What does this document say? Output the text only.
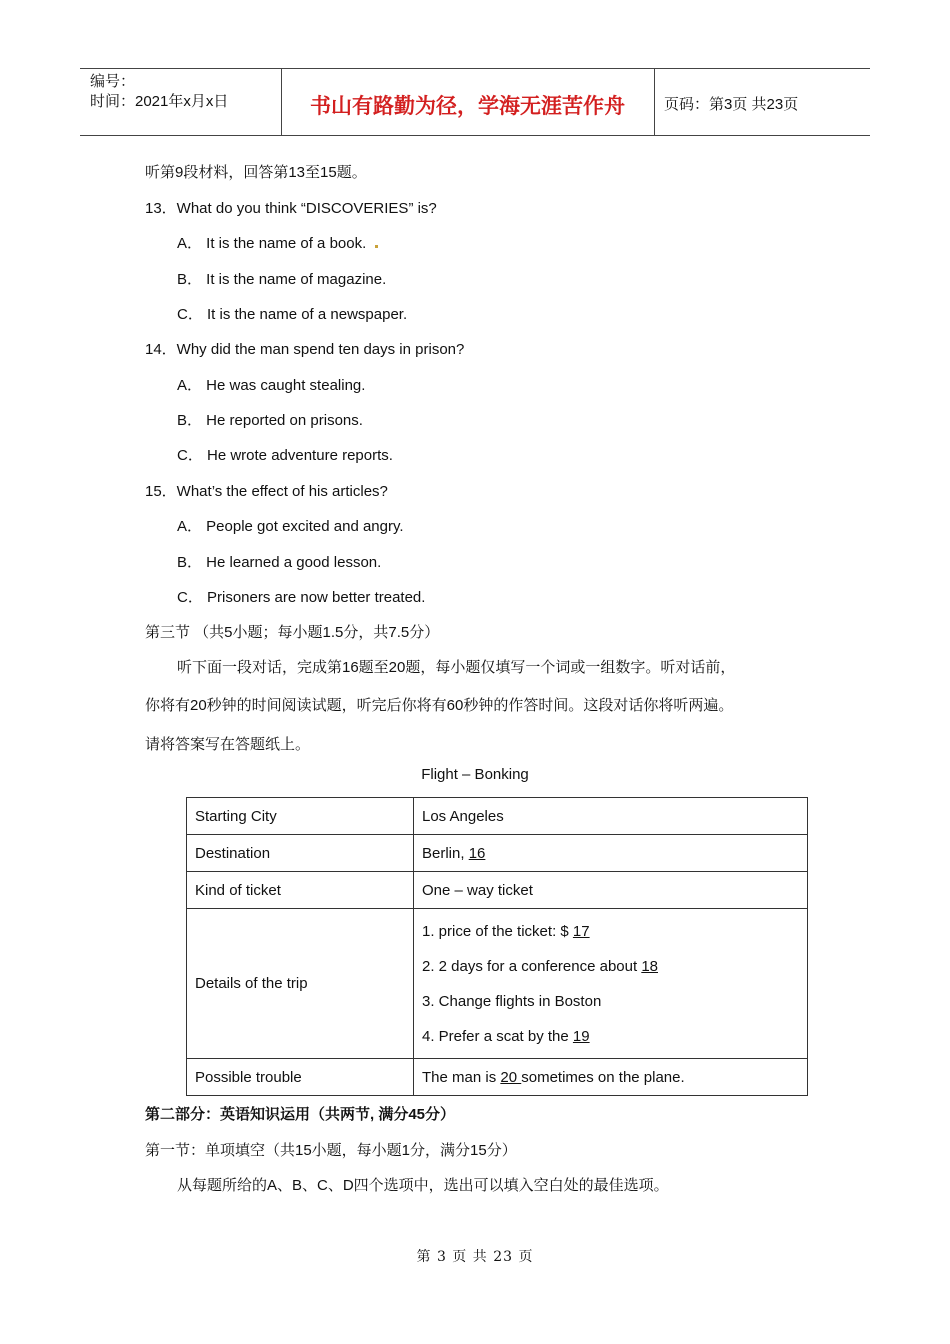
编号：
时间：2021年x月x日	书山有路勤为径，学海无涯苦作舟	页码：第3页 共23页
听第9段材料，回答第13至15题。
13．What do you think “DISCOVERIES” is?
A． It is the name of a book.
B． It is the name of magazine.
C． It is the name of a newspaper.
14．Why did the man spend ten days in prison?
A． He was caught stealing.
B． He reported on prisons.
C． He wrote adventure reports.
15．What’s the effect of his articles?
A． People got excited and angry.
B． He learned a good lesson.
C． Prisoners are now better treated.
第三节 （共5小题；每小题1.5分，共7.5分）
听下面一段对话，完成第16题至20题，每小题仅填写一个词或一组数字。听对话前，
你将有20秒钟的时间阅读试题，听完后你将有60秒钟的作答时间。这段对话你将听两遍。
请将答案写在答题纸上。
Flight – Bonking
Starting City	Los Angeles
Destination	Berlin, 16
Kind of ticket	One – way ticket
Details of the trip	1. price of the ticket: $ 17
2. 2 days for a conference about 18
3. Change flights in Boston
4. Prefer a scat by the 19

Possible trouble	The man is 20 sometimes on the plane.
第二部分：英语知识运用（共两节, 满分45分）
第一节：单项填空（共15小题，每小题1分，满分15分）
从每题所给的A、B、C、D四个选项中，选出可以填入空白处的最佳选项。
第 3 页 共 23 页
